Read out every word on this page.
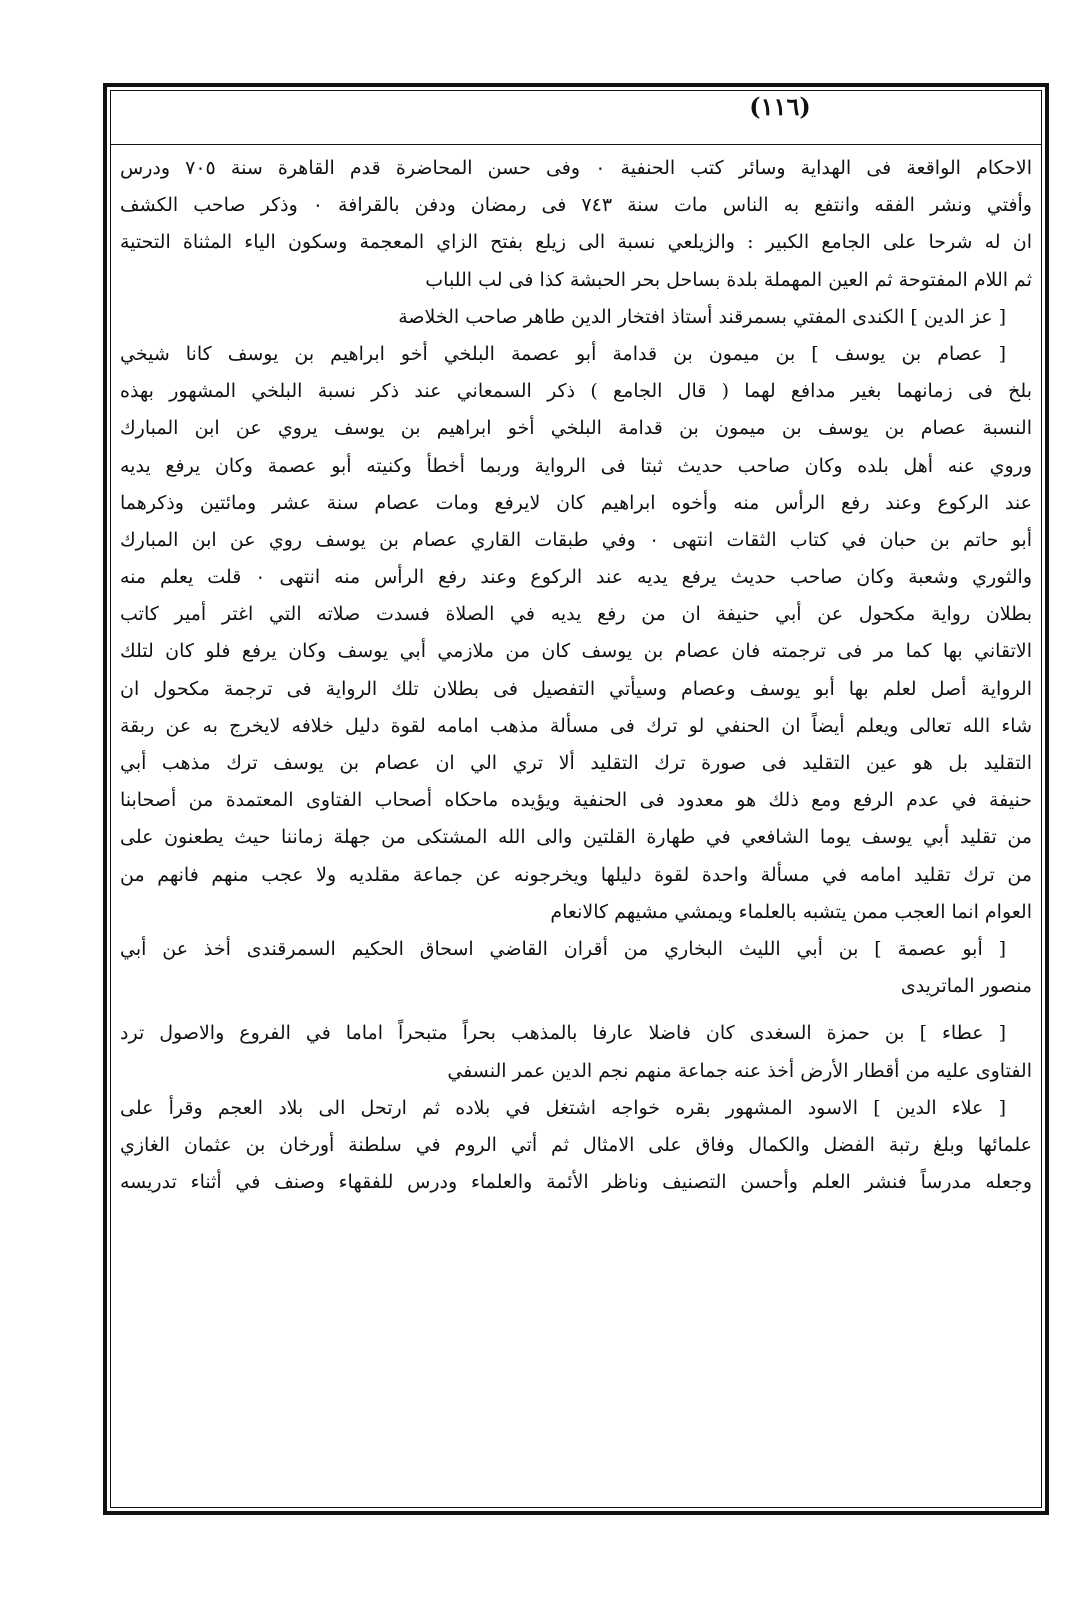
(١١٦)
الاحكام الواقعة فى الهداية وسائر كتب الحنفية ٠ وفى حسن المحاضرة قدم القاهرة سنة ٧٠٥ ودرس
وأفتي ونشر الفقه وانتفع به الناس مات سنة ٧٤٣ فى رمضان ودفن بالقرافة ٠ وذكر صاحب الكشف
ان له شرحا على الجامع الكبير : والزيلعي نسبة الى زيلع بفتح الزاي المعجمة وسكون الياء المثناة التحتية
ثم اللام المفتوحة ثم العين المهملة بلدة بساحل بحر الحبشة كذا فى لب اللباب
[ عز الدين ] الكندى المفتي بسمرقند أستاذ افتخار الدين طاهر صاحب الخلاصة
[ عصام بن يوسف ] بن ميمون بن قدامة أبو عصمة البلخي أخو ابراهيم بن يوسف كانا شيخي
بلخ فى زمانهما بغير مدافع لهما ( قال الجامع ) ذكر السمعاني عند ذكر نسبة البلخي المشهور بهذه
النسبة عصام بن يوسف بن ميمون بن قدامة البلخي أخو ابراهيم بن يوسف يروي عن ابن المبارك
وروي عنه أهل بلده وكان صاحب حديث ثبتا فى الرواية وربما أخطأ وكنيته أبو عصمة وكان يرفع يديه
عند الركوع وعند رفع الرأس منه وأخوه ابراهيم كان لايرفع ومات عصام سنة عشر ومائتين وذكرهما
أبو حاتم بن حبان في كتاب الثقات انتهى ٠ وفي طبقات القاري عصام بن يوسف روي عن ابن المبارك
والثوري وشعبة وكان صاحب حديث يرفع يديه عند الركوع وعند رفع الرأس منه انتهى ٠ قلت يعلم منه
بطلان رواية مكحول عن أبي حنيفة ان من رفع يديه في الصلاة فسدت صلاته التي اغتر أمير كاتب
الاتقاني بها كما مر فى ترجمته فان عصام بن يوسف كان من ملازمي أبي يوسف وكان يرفع فلو كان لتلك
الرواية أصل لعلم بها أبو يوسف وعصام وسيأتي التفصيل فى بطلان تلك الرواية فى ترجمة مكحول ان
شاء الله تعالى ويعلم أيضاً ان الحنفي لو ترك فى مسألة مذهب امامه لقوة دليل خلافه لايخرج به عن ربقة
التقليد بل هو عين التقليد فى صورة ترك التقليد ألا تري الي ان عصام بن يوسف ترك مذهب أبي
حنيفة في عدم الرفع ومع ذلك هو معدود فى الحنفية ويؤيده ماحكاه أصحاب الفتاوى المعتمدة من أصحابنا
من تقليد أبي يوسف يوما الشافعي في طهارة القلتين والى الله المشتكى من جهلة زماننا حيث يطعنون على
من ترك تقليد امامه في مسألة واحدة لقوة دليلها ويخرجونه عن جماعة مقلديه ولا عجب منهم فانهم من
العوام انما العجب ممن يتشبه بالعلماء ويمشي مشيهم كالانعام
[ أبو عصمة ] بن أبي الليث البخاري من أقران القاضي اسحاق الحكيم السمرقندى أخذ عن أبي
منصور الماتريدى
[ عطاء ] بن حمزة السغدى كان فاضلا عارفا بالمذهب بحراً متبحراً اماما في الفروع والاصول ترد
الفتاوى عليه من أقطار الأرض أخذ عنه جماعة منهم نجم الدين عمر النسفي
[ علاء الدين ] الاسود المشهور بقره خواجه اشتغل في بلاده ثم ارتحل الى بلاد العجم وقرأ على
علمائها وبلغ رتبة الفضل والكمال وفاق على الامثال ثم أتي الروم في سلطنة أورخان بن عثمان الغازي
وجعله مدرساً فنشر العلم وأحسن التصنيف وناظر الأئمة والعلماء ودرس للفقهاء وصنف في أثناء تدريسه
